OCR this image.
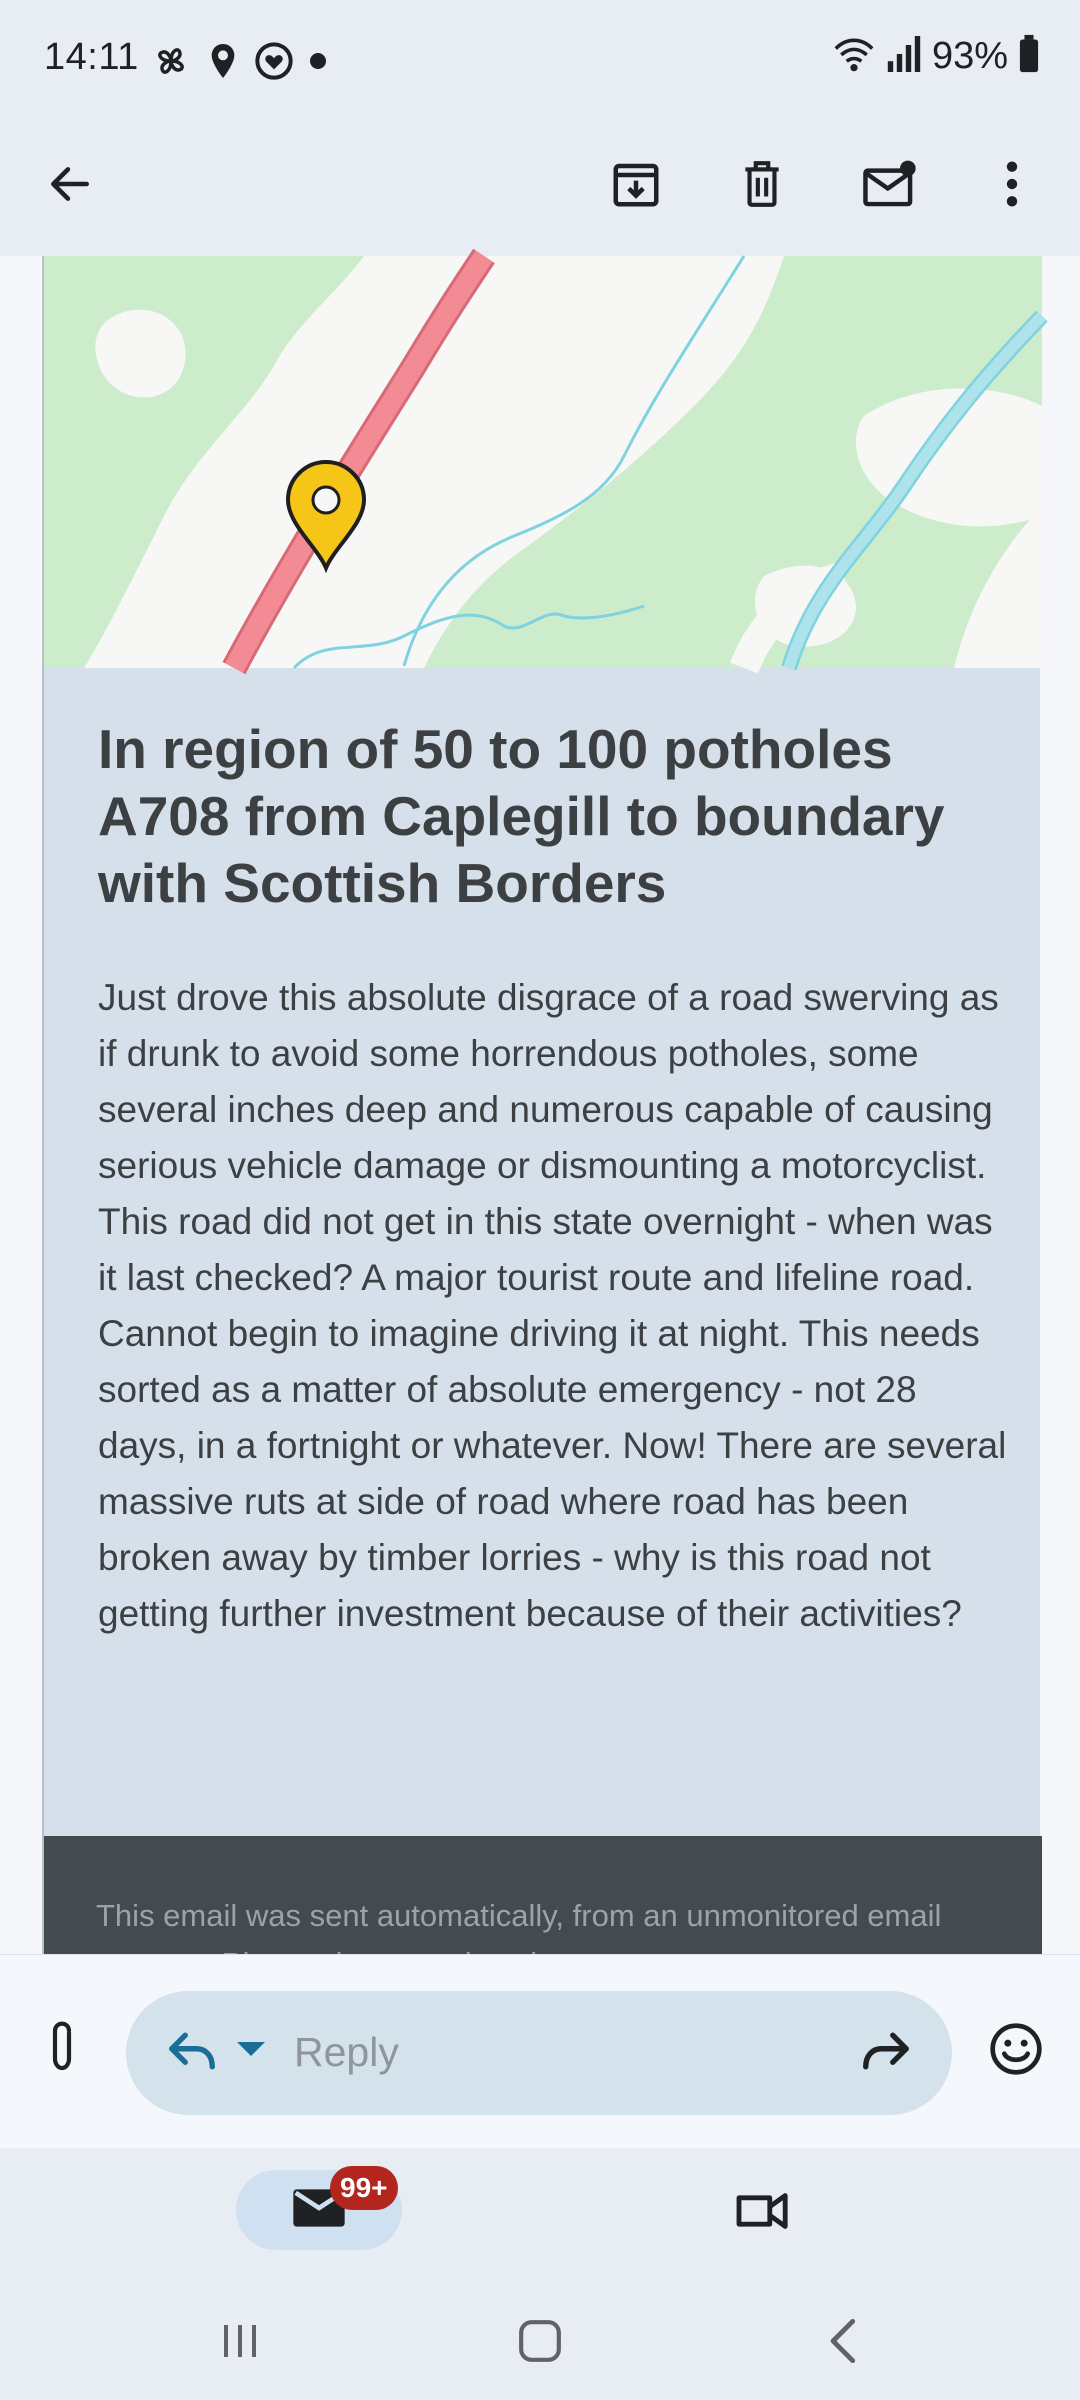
14:11	93%
In region of 50 to 100 potholes A708 from Caplegill to boundary with Scottish Borders
Just drove this absolute disgrace of a road swerving as if drunk to avoid some horrendous potholes, some several inches deep and numerous capable of causing serious vehicle damage or dismounting a motorcyclist. This road did not get in this state overnight - when was it last checked? A major tourist route and lifeline road. Cannot begin to imagine driving it at night. This needs sorted as a matter of absolute emergency - not 28 days, in a fortnight or whatever. Now! There are several massive ruts at side of road where road has been broken away by timber lorries - why is this road not getting further investment because of their activities?
This email was sent automatically, from an unmonitored email
Reply
99+
